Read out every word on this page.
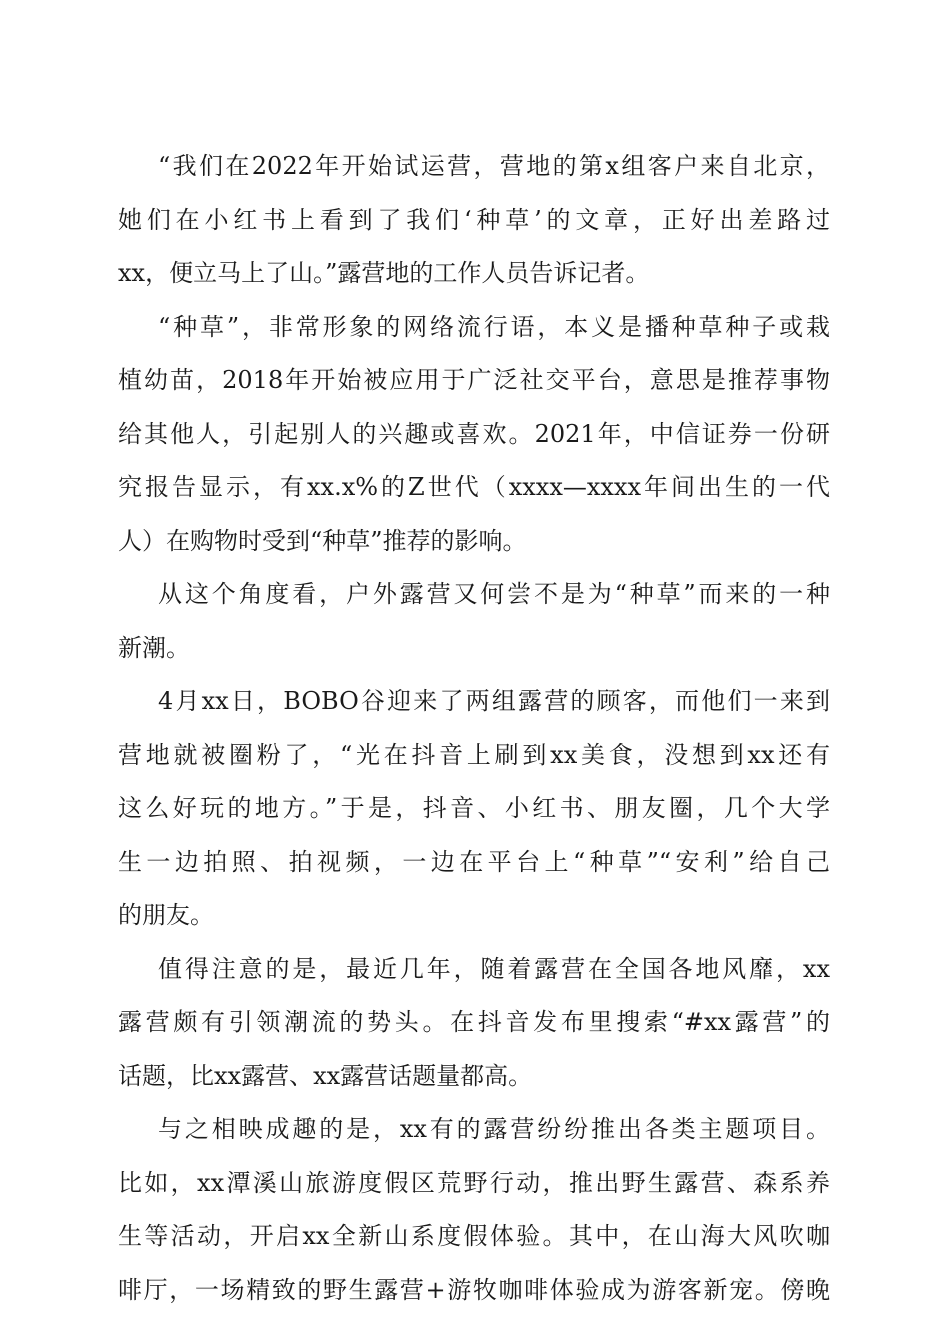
“我们在2022年开始试运营，营地的第x组客户来自北京，
她们在小红书上看到了我们‘种草’的文章，正好出差路过
xx，便立马上了山。”露营地的工作人员告诉记者。
“种草”，非常形象的网络流行语，本义是播种草种子或栽
植幼苗，2018年开始被应用于广泛社交平台，意思是推荐事物
给其他人，引起别人的兴趣或喜欢。2021年，中信证券一份研
究报告显示，有xx.x%的Z世代（xxxx—xxxx年间出生的一代
人）在购物时受到“种草”推荐的影响。
从这个角度看，户外露营又何尝不是为“种草”而来的一种
新潮。
4月xx日，BOBO谷迎来了两组露营的顾客，而他们一来到
营地就被圈粉了，“光在抖音上刷到xx美食，没想到xx还有
这么好玩的地方。”于是，抖音、小红书、朋友圈，几个大学
生一边拍照、拍视频，一边在平台上“种草”“安利”给自己
的朋友。
值得注意的是，最近几年，随着露营在全国各地风靡，xx
露营颇有引领潮流的势头。在抖音发布里搜索“#xx露营”的
话题，比xx露营、xx露营话题量都高。
与之相映成趣的是，xx有的露营纷纷推出各类主题项目。
比如，xx潭溪山旅游度假区荒野行动，推出野生露营、森系养
生等活动，开启xx全新山系度假体验。其中，在山海大风吹咖
啡厅，一场精致的野生露营+游牧咖啡体验成为游客新宠。傍晚
